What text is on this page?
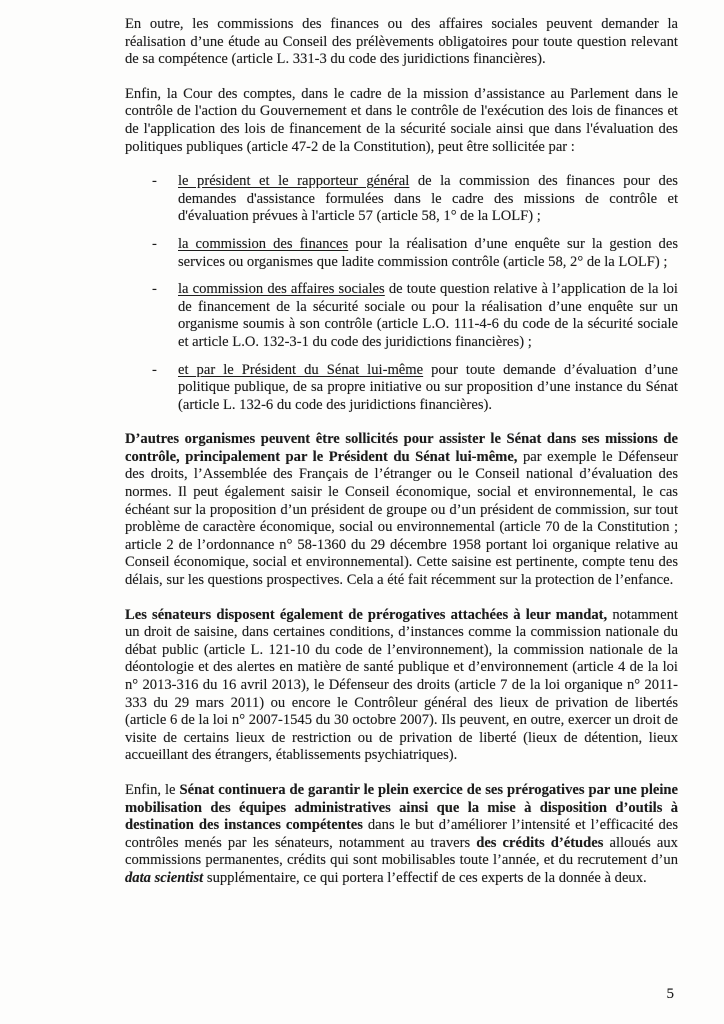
En outre, les commissions des finances ou des affaires sociales peuvent demander la réalisation d’une étude au Conseil des prélèvements obligatoires pour toute question relevant de sa compétence (article L. 331-3 du code des juridictions financières).

Enfin, la Cour des comptes, dans le cadre de la mission d’assistance au Parlement dans le contrôle de l'action du Gouvernement et dans le contrôle de l'exécution des lois de finances et de l'application des lois de financement de la sécurité sociale ainsi que dans l'évaluation des politiques publiques (article 47-2 de la Constitution), peut être sollicitée par :

-	le président et le rapporteur général de la commission des finances pour des demandes d'assistance formulées dans le cadre des missions de contrôle et d'évaluation prévues à l'article 57 (article 58, 1° de la LOLF) ;
-	la commission des finances pour la réalisation d’une enquête sur la gestion des services ou organismes que ladite commission contrôle (article 58, 2° de la LOLF) ;
-	la commission des affaires sociales de toute question relative à l’application de la loi de financement de la sécurité sociale ou pour la réalisation d’une enquête sur un organisme soumis à son contrôle (article L.O. 111-4-6 du code de la sécurité sociale et article L.O. 132-3-1 du code des juridictions financières) ;
-	et par le Président du Sénat lui-même pour toute demande d’évaluation d’une politique publique, de sa propre initiative ou sur proposition d’une instance du Sénat (article L. 132-6 du code des juridictions financières).

D’autres organismes peuvent être sollicités pour assister le Sénat dans ses missions de contrôle, principalement par le Président du Sénat lui-même, par exemple le Défenseur des droits, l’Assemblée des Français de l’étranger ou le Conseil national d’évaluation des normes. Il peut également saisir le Conseil économique, social et environnemental, le cas échéant sur la proposition d’un président de groupe ou d’un président de commission, sur tout problème de caractère économique, social ou environnemental (article 70 de la Constitution ; article 2 de l’ordonnance n° 58-1360 du 29 décembre 1958 portant loi organique relative au Conseil économique, social et environnemental). Cette saisine est pertinente, compte tenu des délais, sur les questions prospectives. Cela a été fait récemment sur la protection de l’enfance.

Les sénateurs disposent également de prérogatives attachées à leur mandat, notamment un droit de saisine, dans certaines conditions, d’instances comme la commission nationale du débat public (article L. 121-10 du code de l’environnement), la commission nationale de la déontologie et des alertes en matière de santé publique et d’environnement (article 4 de la loi n° 2013-316 du 16 avril 2013), le Défenseur des droits (article 7 de la loi organique n° 2011-333 du 29 mars 2011) ou encore le Contrôleur général des lieux de privation de libertés (article 6 de la loi n° 2007-1545 du 30 octobre 2007). Ils peuvent, en outre, exercer un droit de visite de certains lieux de restriction ou de privation de liberté (lieux de détention, lieux accueillant des étrangers, établissements psychiatriques).

Enfin, le Sénat continuera de garantir le plein exercice de ses prérogatives par une pleine mobilisation des équipes administratives ainsi que la mise à disposition d’outils à destination des instances compétentes dans le but d’améliorer l’intensité et l’efficacité des contrôles menés par les sénateurs, notamment au travers des crédits d’études alloués aux commissions permanentes, crédits qui sont mobilisables toute l’année, et du recrutement d’un data scientist supplémentaire, ce qui portera l’effectif de ces experts de la donnée à deux.

5
